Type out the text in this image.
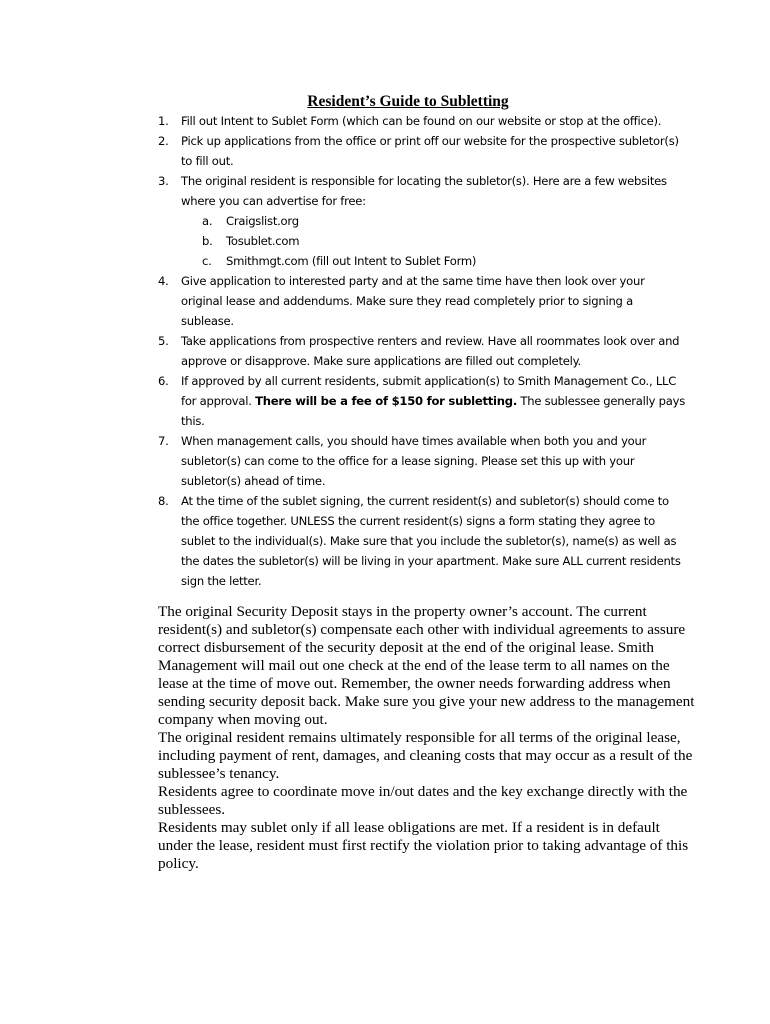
Resident’s Guide to Subletting
1.	Fill out Intent to Sublet Form (which can be found on our website or stop at the office).
2.	Pick up applications from the office or print off our website for the prospective subletor(s) to fill out.
3.	The original resident is responsible for locating the subletor(s). Here are a few websites where you can advertise for free:
a.	Craigslist.org
b.	Tosublet.com
c.	Smithmgt.com (fill out Intent to Sublet Form)
4.	Give application to interested party and at the same time have then look over your original lease and addendums. Make sure they read completely prior to signing a sublease.
5.	Take applications from prospective renters and review. Have all roommates look over and approve or disapprove. Make sure applications are filled out completely.
6.	If approved by all current residents, submit application(s) to Smith Management Co., LLC for approval. There will be a fee of $150 for subletting. The sublessee generally pays this.
7.	When management calls, you should have times available when both you and your subletor(s) can come to the office for a lease signing. Please set this up with your subletor(s) ahead of time.
8.	At the time of the sublet signing, the current resident(s) and subletor(s) should come to the office together. UNLESS the current resident(s) signs a form stating they agree to sublet to the individual(s). Make sure that you include the subletor(s), name(s) as well as the dates the subletor(s) will be living in your apartment. Make sure ALL current residents sign the letter.

The original Security Deposit stays in the property owner’s account. The current resident(s) and subletor(s) compensate each other with individual agreements to assure correct disbursement of the security deposit at the end of the original lease. Smith Management will mail out one check at the end of the lease term to all names on the lease at the time of move out. Remember, the owner needs forwarding address when sending security deposit back. Make sure you give your new address to the management company when moving out.

The original resident remains ultimately responsible for all terms of the original lease, including payment of rent, damages, and cleaning costs that may occur as a result of the sublessee’s tenancy.

Residents agree to coordinate move in/out dates and the key exchange directly with the sublessees.

Residents may sublet only if all lease obligations are met. If a resident is in default under the lease, resident must first rectify the violation prior to taking advantage of this policy.
